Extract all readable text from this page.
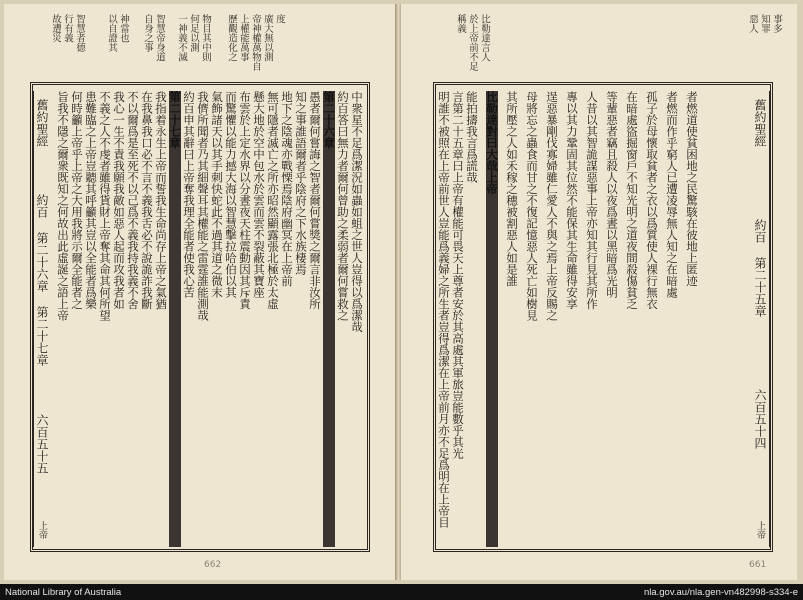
度
廣大無以測
帝神權萬物自
上權能萬事
歷觀造化之
物目其中則
何足以測
一神義不滅
智慧帝身道
自身之事
神當也
以自證其
智慧者德
行有義
故遭災
中衆星不足爲潔況如蟲如蛆之世人豈得以爲潔哉
約百答曰無力者爾何曾助之柔弱者爾何嘗救之
第二十六章
愚者爾何嘗誨之智者爾何嘗獎之爾言非汝所
知之事誰語爾者乎陰府之下水族棲焉
地下之陰魂亦戰慄焉陰府幽冥在上帝前
無可隱者滅亡之所亦昭然顯露張北極於太虛
懸大地於空中包水於雲而雲不裂蔽其寶座
布雲於上定水界以分晝夜天柱震動因其斥責
而驚懼以能力撼大海以智慧擊拉哈伯以其
氣飾諸天以其手刺快蛇此不過其道之微末
我儕所聞者乃其細聲耳其權能之雷霆誰能測哉
約百申其辭曰上帝奪我理全能者使我心苦
第二十七章
我指着永生上帝而誓我生命尚存上帝之氣猶
在我鼻我口必不言不義我舌必不說詭詐我斷
不以爾爲是至死不以己爲不義我持我義不舍
我心一生不責我願我敵如惡人起而攻我者如
不義之人不虔者雖得貨財上帝奪其命其何所望
患難臨之上帝豈聽其呼籲其豈以全能者爲樂
何時籲上帝乎上帝之大用我將示爾全能者之
旨我不隱之爾衆既知之何故出此虛誕之語上帝
舊約聖經
約百 第二十六章 第二十七章
六百五十五
上帝
662
比勒達言人
於上帝前不足
稱義	事多
知罪
惡人
舊約聖經
約百 第二十五章
六百五十四
上帝
明誰不被照在上帝前世人豈能爲義婦之所生者豈得爲潔在上帝前月亦不足爲明在上帝目 言第二十五章曰上帝有權能可畏天上尊者安於其高處其軍旅豈能數乎其光 能拍擣我言爲謊哉 比勒達對曰大哉上帝 其所壓之人如禾稼之穗被割惡人如是誰 母將忘之蟲食而甘之不復記憶惡人死亡如樹見 逞惡暴剛伐寡婦雖仁愛人不與之焉上帝反賜之 專以其力鞏固其位然不能保其生命雖得安享 人昔以其智詭謀惡事上帝亦知其行見其所作 等輩惡者竊且殺人以夜爲晝以黑暗爲光明 在暗處盜掘窗戶不知光明之道夜間殺傷貧乏 孤子於母懷取貧者之衣以爲質使人裸行無衣 者燃而作乎窮人已遭凌辱無人知之在暗處 者燃道使貧困地之民驚駭在彼地上匿迹
661
National Library of Australia	nla.gov.au/nla.gen-vn482998-s334-e
